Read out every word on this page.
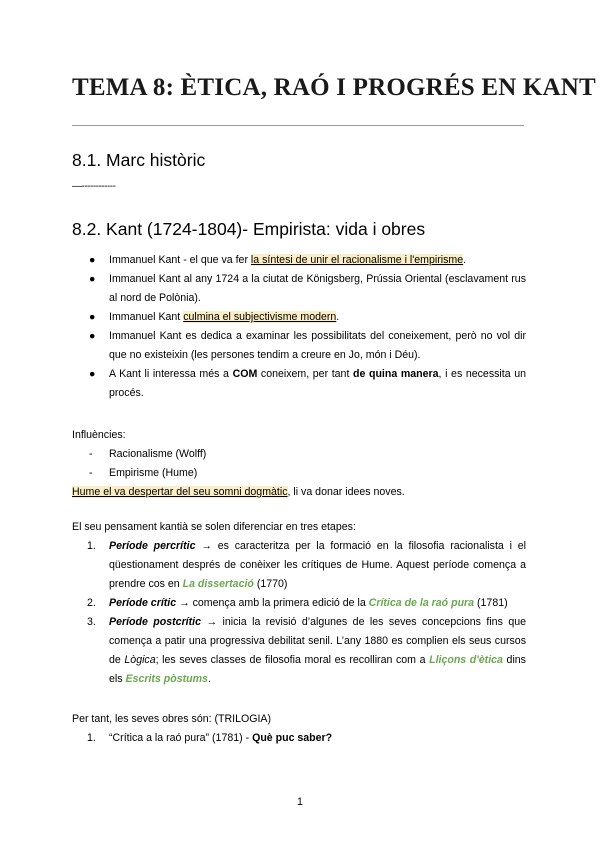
TEMA 8: ÈTICA, RAÓ I PROGRÉS EN KANT
8.1. Marc històric
—------------
8.2. Kant (1724-1804)- Empirista: vida i obres
● Immanuel Kant - el que va fer la síntesi de unir el racionalisme i l'empirisme.
● Immanuel Kant al any 1724 a la ciutat de Königsberg, Prússia Oriental (esclavament rus al nord de Polònia).
● Immanuel Kant culmina el subjectivisme modern.
● Immanuel Kant es dedica a examinar les possibilitats del coneixement, però no vol dir que no existeixin (les persones tendim a creure en Jo, món i Déu).
● A Kant li interessa més a COM coneixem, per tant de quina manera, i es necessita un procés.
Influències:
- Racionalisme (Wolff)
- Empirisme (Hume)
Hume el va despertar del seu somni dogmàtic, li va donar idees noves.
El seu pensament kantià se solen diferenciar en tres etapes:
1. Període percrític → es caracteritza per la formació en la filosofia racionalista i el qüestionament després de conèixer les crítiques de Hume. Aquest període comença a prendre cos en La dissertació (1770)
2. Període crític → comença amb la primera edició de la Crítica de la raó pura (1781)
3. Període postcrític → inicia la revisió d’algunes de les seves concepcions fins que comença a patir una progressiva debilitat senil. L’any 1880 es complien els seus cursos de Lògica; les seves classes de filosofia moral es recolliran com a Lliçons d'ètica dins els Escrits pòstums.
Per tant, les seves obres són: (TRILOGIA)
1. “Crítica a la raó pura” (1781) - Què puc saber?
1
